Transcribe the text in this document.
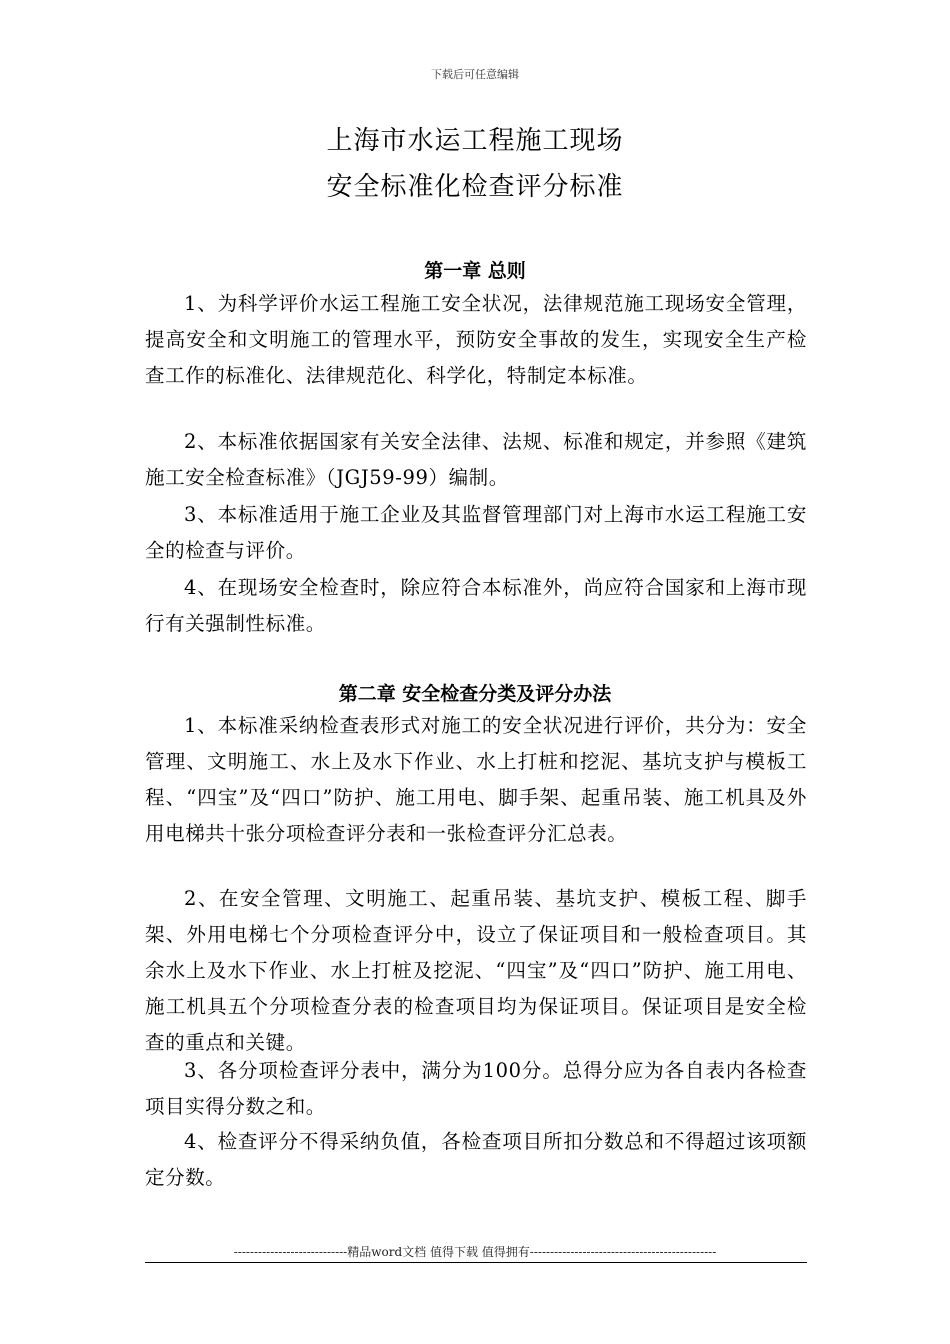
下载后可任意编辑
上海市水运工程施工现场
安全标准化检查评分标准
第一章 总则

1、为科学评价水运工程施工安全状况，法律规范施工现场安全管理，提高安全和文明施工的管理水平，预防安全事故的发生，实现安全生产检查工作的标准化、法律规范化、科学化，特制定本标准。

2、本标准依据国家有关安全法律、法规、标准和规定，并参照《建筑施工安全检查标准》（JGJ59-99）编制。

3、本标准适用于施工企业及其监督管理部门对上海市水运工程施工安全的检查与评价。

4、在现场安全检查时，除应符合本标准外，尚应符合国家和上海市现行有关强制性标准。

第二章 安全检查分类及评分办法

1、本标准采纳检查表形式对施工的安全状况进行评价，共分为：安全管理、文明施工、水上及水下作业、水上打桩和挖泥、基坑支护与模板工程、“四宝”及“四口”防护、施工用电、脚手架、起重吊装、施工机具及外用电梯共十张分项检查评分表和一张检查评分汇总表。

2、在安全管理、文明施工、起重吊装、基坑支护、模板工程、脚手架、外用电梯七个分项检查评分中，设立了保证项目和一般检查项目。其余水上及水下作业、水上打桩及挖泥、“四宝”及“四口”防护、施工用电、施工机具五个分项检查分表的检查项目均为保证项目。保证项目是安全检查的重点和关键。

3、各分项检查评分表中，满分为100分。总得分应为各自表内各检查项目实得分数之和。

4、检查评分不得采纳负值，各检查项目所扣分数总和不得超过该项额定分数。

----------------------------精品word文档 值得下载 值得拥有----------------------------------------------
